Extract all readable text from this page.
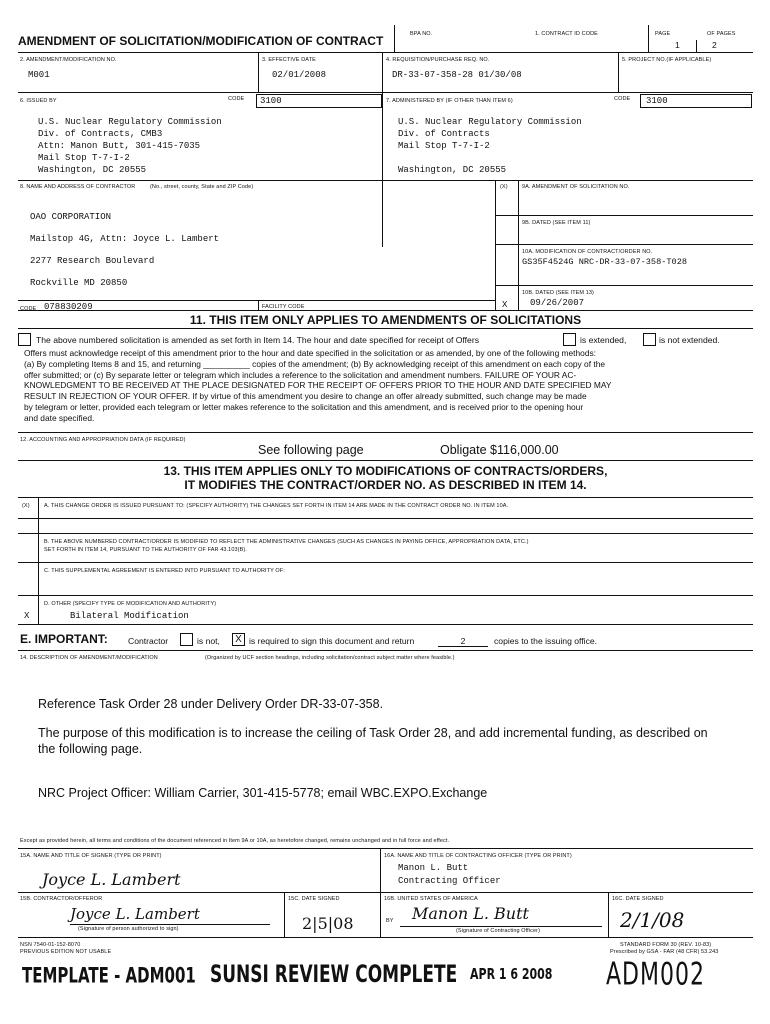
AMENDMENT OF SOLICITATION/MODIFICATION OF CONTRACT	BPA NO.	1. CONTRACT ID CODE	PAGE	OF PAGES
1	2
2. AMENDMENT/MODIFICATION NO.
M001
3. EFFECTIVE DATE
02/01/2008
4. REQUISITION/PURCHASE REQ. NO.
DR-33-07-358-28 01/30/08
5. PROJECT NO.(IF APPLICABLE)
6. ISSUED BY	CODE 3100
U.S. Nuclear Regulatory Commission
Div. of Contracts, CMB3
Attn: Manon Butt, 301-415-7035
Mail Stop T-7-I-2
Washington, DC 20555
7. ADMINISTERED BY (IF OTHER THAN ITEM 6)	CODE 3100
U.S. Nuclear Regulatory Commission
Div. of Contracts
Mail Stop T-7-I-2
Washington, DC 20555
8. NAME AND ADDRESS OF CONTRACTOR	(No., street, county, State and ZIP Code)
OAO CORPORATION
Mailstop 4G, Attn: Joyce L. Lambert
2277 Research Boulevard
Rockville MD 20850
(X)	9A. AMENDMENT OF SOLICITATION NO.
9B. DATED (SEE ITEM 11)
10A. MODIFICATION OF CONTRACT/ORDER NO.
GS35F4524G NRC-DR-33-07-358-T028
10B. DATED (SEE ITEM 13)
09/26/2007
X
CODE 078830209	FACILITY CODE
11. THIS ITEM ONLY APPLIES TO AMENDMENTS OF SOLICITATIONS
The above numbered solicitation is amended as set forth in Item 14. The hour and date specified for receipt of Offers	is extended,	is not extended.
Offers must acknowledge receipt of this amendment prior to the hour and date specified in the solicitation or as amended, by one of the following methods:
(a) By completing Items 8 and 15, and returning __________ copies of the amendment; (b) By acknowledging receipt of this amendment on each copy of the
offer submitted; or (c) By separate letter or telegram which includes a reference to the solicitation and amendment numbers. FAILURE OF YOUR AC-
KNOWLEDGMENT TO BE RECEIVED AT THE PLACE DESIGNATED FOR THE RECEIPT OF OFFERS PRIOR TO THE HOUR AND DATE SPECIFIED MAY
RESULT IN REJECTION OF YOUR OFFER. If by virtue of this amendment you desire to change an offer already submitted, such change may be made
by telegram or letter, provided each telegram or letter makes reference to the solicitation and this amendment, and is received prior to the opening hour
and date specified.
12. ACCOUNTING AND APPROPRIATION DATA (IF REQUIRED)
See following page	Obligate $116,000.00
13. THIS ITEM APPLIES ONLY TO MODIFICATIONS OF CONTRACTS/ORDERS,
IT MODIFIES THE CONTRACT/ORDER NO. AS DESCRIBED IN ITEM 14.
(X)	A. THIS CHANGE ORDER IS ISSUED PURSUANT TO: (SPECIFY AUTHORITY) THE CHANGES SET FORTH IN ITEM 14 ARE MADE IN THE CONTRACT ORDER NO. IN ITEM 10A.
B. THE ABOVE NUMBERED CONTRACT/ORDER IS MODIFIED TO REFLECT THE ADMINISTRATIVE CHANGES (SUCH AS CHANGES IN PAYING OFFICE, APPROPRIATION DATA, ETC.)
SET FORTH IN ITEM 14, PURSUANT TO THE AUTHORITY OF FAR 43.103(B).
C. THIS SUPPLEMENTAL AGREEMENT IS ENTERED INTO PURSUANT TO AUTHORITY OF:
D. OTHER (SPECIFY TYPE OF MODIFICATION AND AUTHORITY)
Bilateral Modification
X
E. IMPORTANT: Contractor	is not,	X is required to sign this document and return	2	copies to the issuing office.
14. DESCRIPTION OF AMENDMENT/MODIFICATION	(Organized by UCF section headings, including solicitation/contract subject matter where feasible.)
Reference Task Order 28 under Delivery Order DR-33-07-358.
The purpose of this modification is to increase the ceiling of Task Order 28, and add incremental funding, as described on
the following page.
NRC Project Officer: William Carrier, 301-415-5778; email WBC.EXPO.Exchange
Except as provided herein, all terms and conditions of the document referenced in Item 9A or 10A, as heretofore changed, remains unchanged and in full force and effect.
15A. NAME AND TITLE OF SIGNER (TYPE OR PRINT)
Joyce L. Lambert
16A. NAME AND TITLE OF CONTRACTING OFFICER (TYPE OR PRINT)
Manon L. Butt
Contracting Officer
15B. CONTRACTOR/OFFEROR
Joyce L. Lambert
(Signature of person authorized to sign)
15C. DATE SIGNED
2|5|08
16B. UNITED STATES OF AMERICA
BY Manon L. Butt
(Signature of Contracting Officer)
16C. DATE SIGNED
2/1/08
NSN 7540-01-152-8070
PREVIOUS EDITION NOT USABLE
STANDARD FORM 30 (REV. 10-83)
Prescribed by GSA - FAR (48 CFR) 53.243
TEMPLATE - ADM001 SUNSI REVIEW COMPLETE APR 1 6 2008 ADM002
